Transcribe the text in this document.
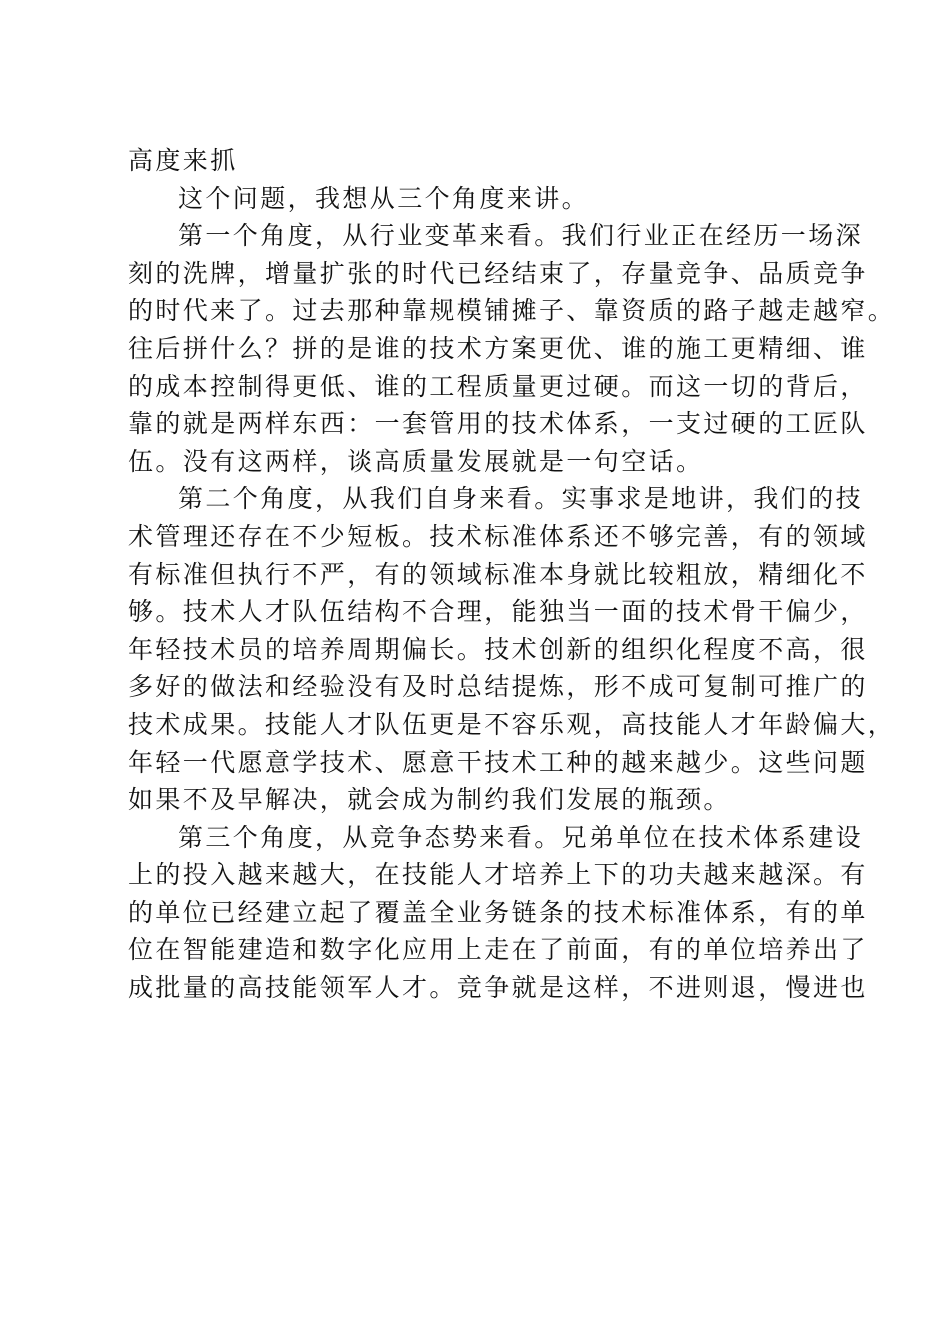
高度来抓
这个问题，我想从三个角度来讲。
第一个角度，从行业变革来看。我们行业正在经历一场深
刻的洗牌，增量扩张的时代已经结束了，存量竞争、品质竞争
的时代来了。过去那种靠规模铺摊子、靠资质的路子越走越窄。
往后拼什么？拼的是谁的技术方案更优、谁的施工更精细、谁
的成本控制得更低、谁的工程质量更过硬。而这一切的背后，
靠的就是两样东西：一套管用的技术体系，一支过硬的工匠队
伍。没有这两样，谈高质量发展就是一句空话。
第二个角度，从我们自身来看。实事求是地讲，我们的技
术管理还存在不少短板。技术标准体系还不够完善，有的领域
有标准但执行不严，有的领域标准本身就比较粗放，精细化不
够。技术人才队伍结构不合理，能独当一面的技术骨干偏少，
年轻技术员的培养周期偏长。技术创新的组织化程度不高，很
多好的做法和经验没有及时总结提炼，形不成可复制可推广的
技术成果。技能人才队伍更是不容乐观，高技能人才年龄偏大，
年轻一代愿意学技术、愿意干技术工种的越来越少。这些问题
如果不及早解决，就会成为制约我们发展的瓶颈。
第三个角度，从竞争态势来看。兄弟单位在技术体系建设
上的投入越来越大，在技能人才培养上下的功夫越来越深。有
的单位已经建立起了覆盖全业务链条的技术标准体系，有的单
位在智能建造和数字化应用上走在了前面，有的单位培养出了
成批量的高技能领军人才。竞争就是这样，不进则退，慢进也
